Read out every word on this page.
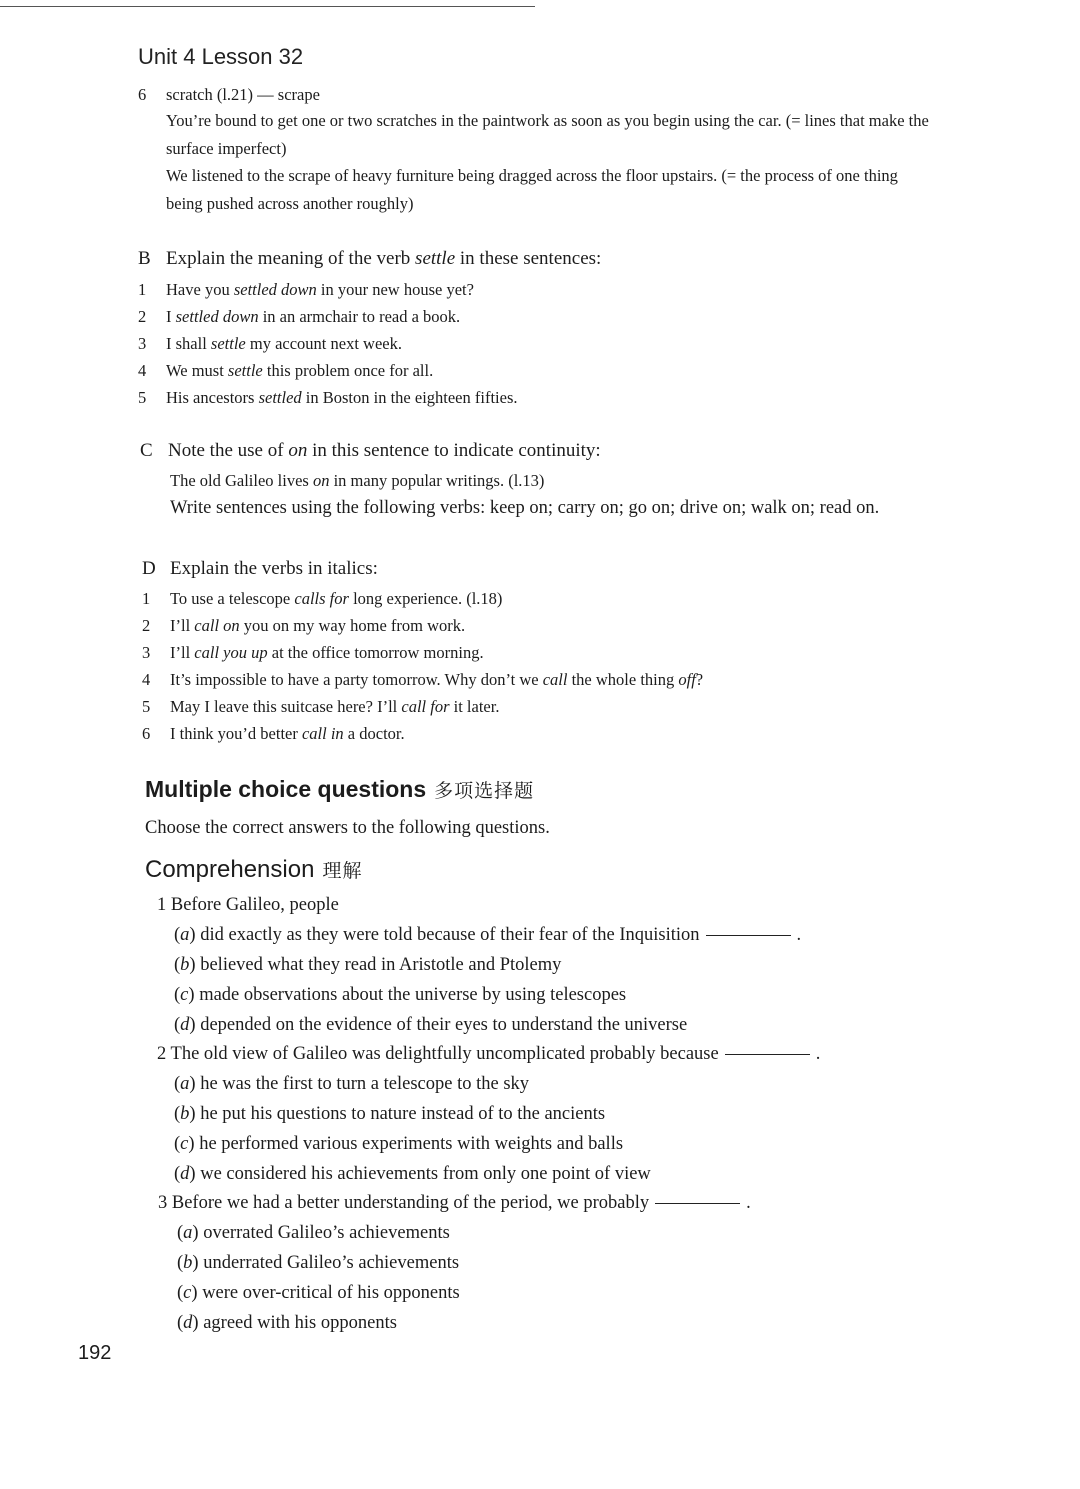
Unit 4 Lesson 32
6 scratch (l.21) — scrape
You’re bound to get one or two scratches in the paintwork as soon as you begin using the car. (= lines that make the
surface imperfect)
We listened to the scrape of heavy furniture being dragged across the floor upstairs. (= the process of one thing
being pushed across another roughly)
B Explain the meaning of the verb settle in these sentences:
1 Have you settled down in your new house yet?
2 I settled down in an armchair to read a book.
3 I shall settle my account next week.
4 We must settle this problem once for all.
5 His ancestors settled in Boston in the eighteen fifties.
C Note the use of on in this sentence to indicate continuity:
The old Galileo lives on in many popular writings. (l.13)
Write sentences using the following verbs: keep on; carry on; go on; drive on; walk on; read on.
D Explain the verbs in italics:
1 To use a telescope calls for long experience. (l.18)
2 I’ll call on you on my way home from work.
3 I’ll call you up at the office tomorrow morning.
4 It’s impossible to have a party tomorrow. Why don’t we call the whole thing off?
5 May I leave this suitcase here? I’ll call for it later.
6 I think you’d better call in a doctor.
Multiple choice questions 多项选择题
Choose the correct answers to the following questions.
Comprehension 理解
1 Before Galileo, people
(a) did exactly as they were told because of their fear of the Inquisition	.
(b) believed what they read in Aristotle and Ptolemy
(c) made observations about the universe by using telescopes
(d) depended on the evidence of their eyes to understand the universe
2 The old view of Galileo was delightfully uncomplicated probably because	.
(a) he was the first to turn a telescope to the sky
(b) he put his questions to nature instead of to the ancients
(c) he performed various experiments with weights and balls
(d) we considered his achievements from only one point of view
3 Before we had a better understanding of the period, we probably	.
(a) overrated Galileo’s achievements
(b) underrated Galileo’s achievements
(c) were over-critical of his opponents
(d) agreed with his opponents
192
